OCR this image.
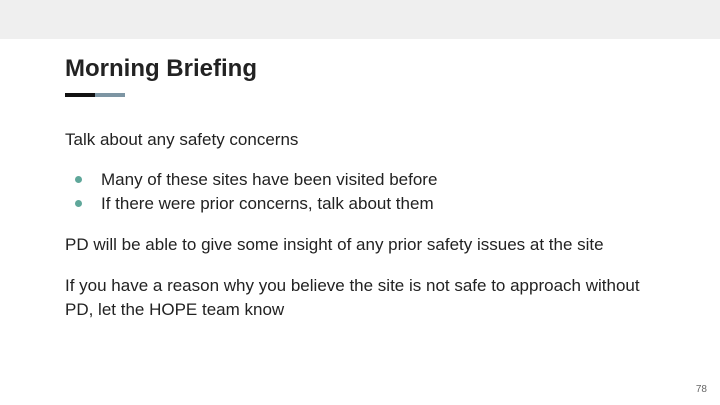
Morning Briefing

Talk about any safety concerns

Many of these sites have been visited before
If there were prior concerns, talk about them

PD will be able to give some insight of any prior safety issues at the site

If you have a reason why you believe the site is not safe to approach without PD, let the HOPE team know

78
